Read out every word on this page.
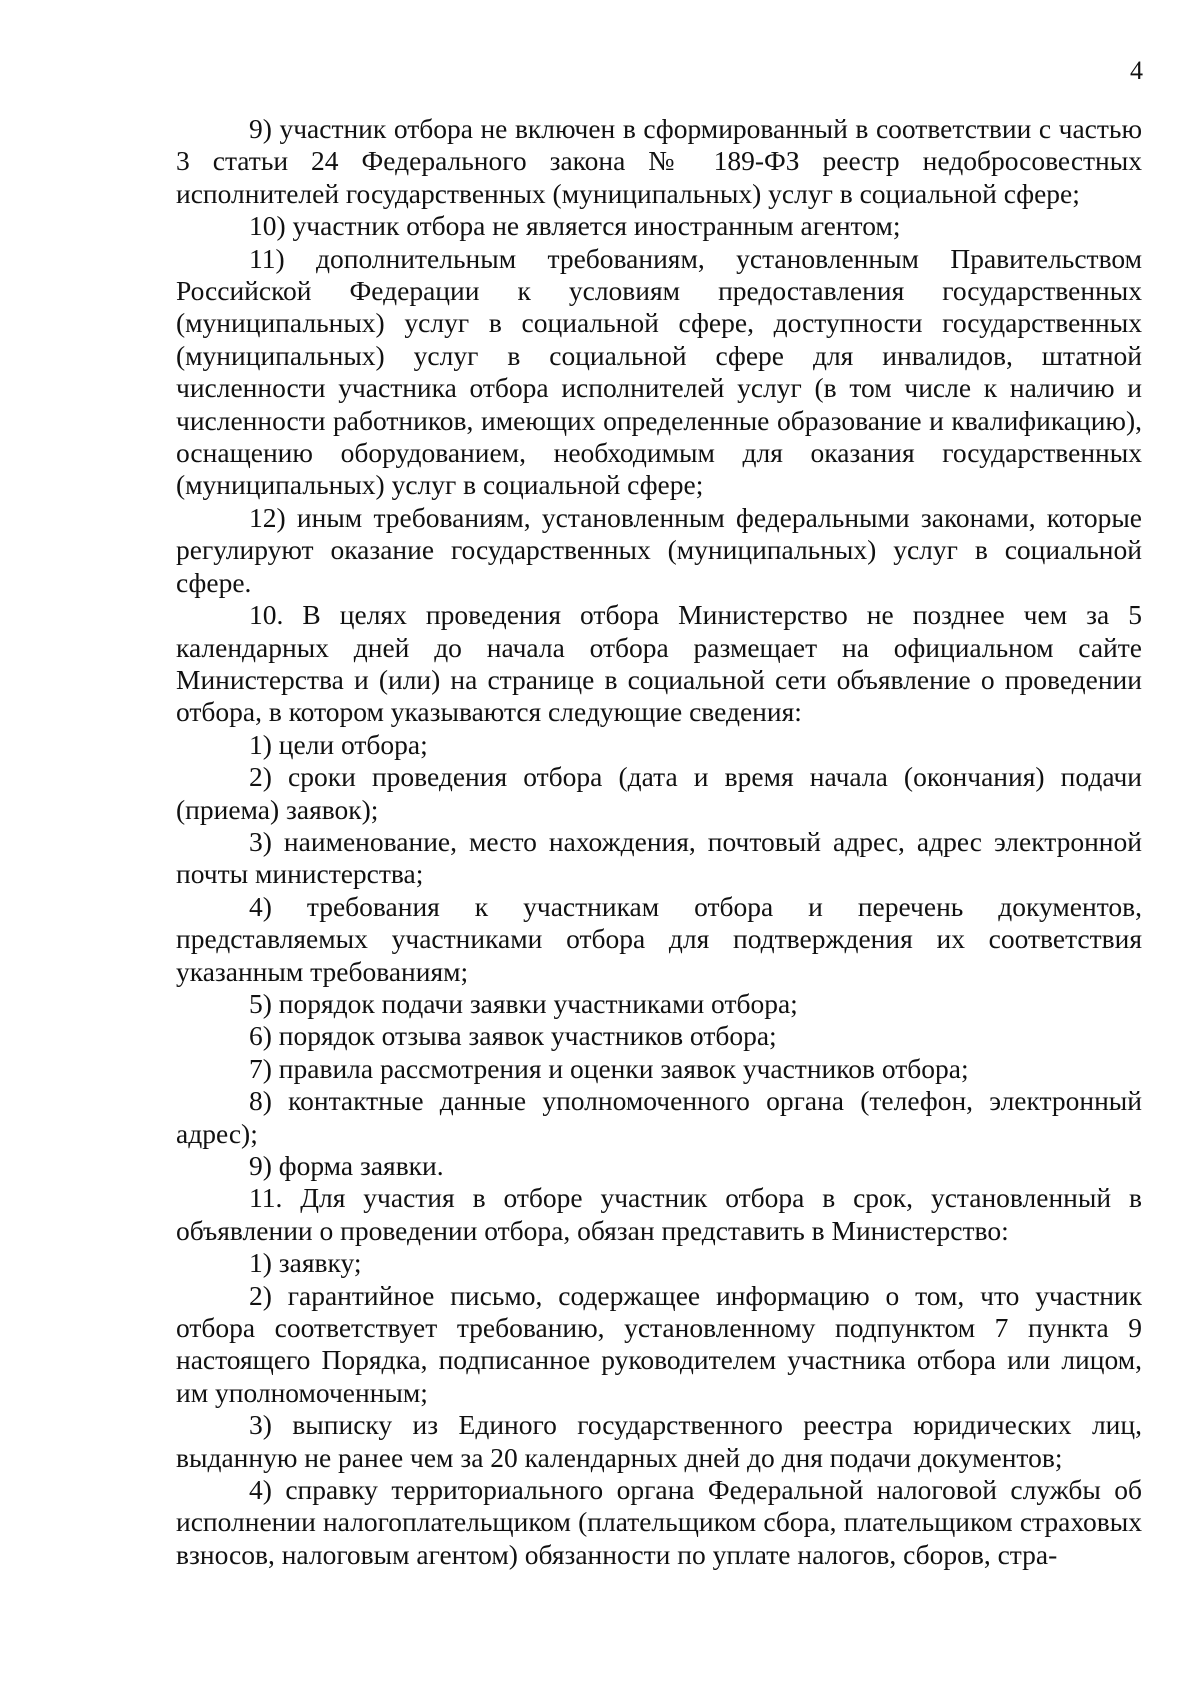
4

9) участник отбора не включен в сформированный в соответствии с частью 3 статьи 24 Федерального закона № 189-ФЗ реестр недобросовестных исполнителей государственных (муниципальных) услуг в социальной сфере;

10) участник отбора не является иностранным агентом;

11) дополнительным требованиям, установленным Правительством Российской Федерации к условиям предоставления государственных (муниципальных) услуг в социальной сфере, доступности государственных (муниципальных) услуг в социальной сфере для инвалидов, штатной численности участника отбора исполнителей услуг (в том числе к наличию и численности работников, имеющих определенные образование и квалификацию), оснащению оборудованием, необходимым для оказания государственных (муниципальных) услуг в социальной сфере;

12) иным требованиям, установленным федеральными законами, которые регулируют оказание государственных (муниципальных) услуг в социальной сфере.

10. В целях проведения отбора Министерство не позднее чем за 5 календарных дней до начала отбора размещает на официальном сайте Министерства и (или) на странице в социальной сети объявление о проведении отбора, в котором указываются следующие сведения:

1) цели отбора;

2) сроки проведения отбора (дата и время начала (окончания) подачи (приема) заявок);

3) наименование, место нахождения, почтовый адрес, адрес электронной почты министерства;

4) требования к участникам отбора и перечень документов, представляемых участниками отбора для подтверждения их соответствия указанным требованиям;

5) порядок подачи заявки участниками отбора;

6) порядок отзыва заявок участников отбора;

7) правила рассмотрения и оценки заявок участников отбора;

8) контактные данные уполномоченного органа (телефон, электронный адрес);

9) форма заявки.

11. Для участия в отборе участник отбора в срок, установленный в объявлении о проведении отбора, обязан представить в Министерство:

1) заявку;

2) гарантийное письмо, содержащее информацию о том, что участник отбора соответствует требованию, установленному подпунктом 7 пункта 9 настоящего Порядка, подписанное руководителем участника отбора или лицом, им уполномоченным;

3) выписку из Единого государственного реестра юридических лиц, выданную не ранее чем за 20 календарных дней до дня подачи документов;

4) справку территориального органа Федеральной налоговой службы об исполнении налогоплательщиком (плательщиком сбора, плательщиком страховых взносов, налоговым агентом) обязанности по уплате налогов, сборов, стра-
